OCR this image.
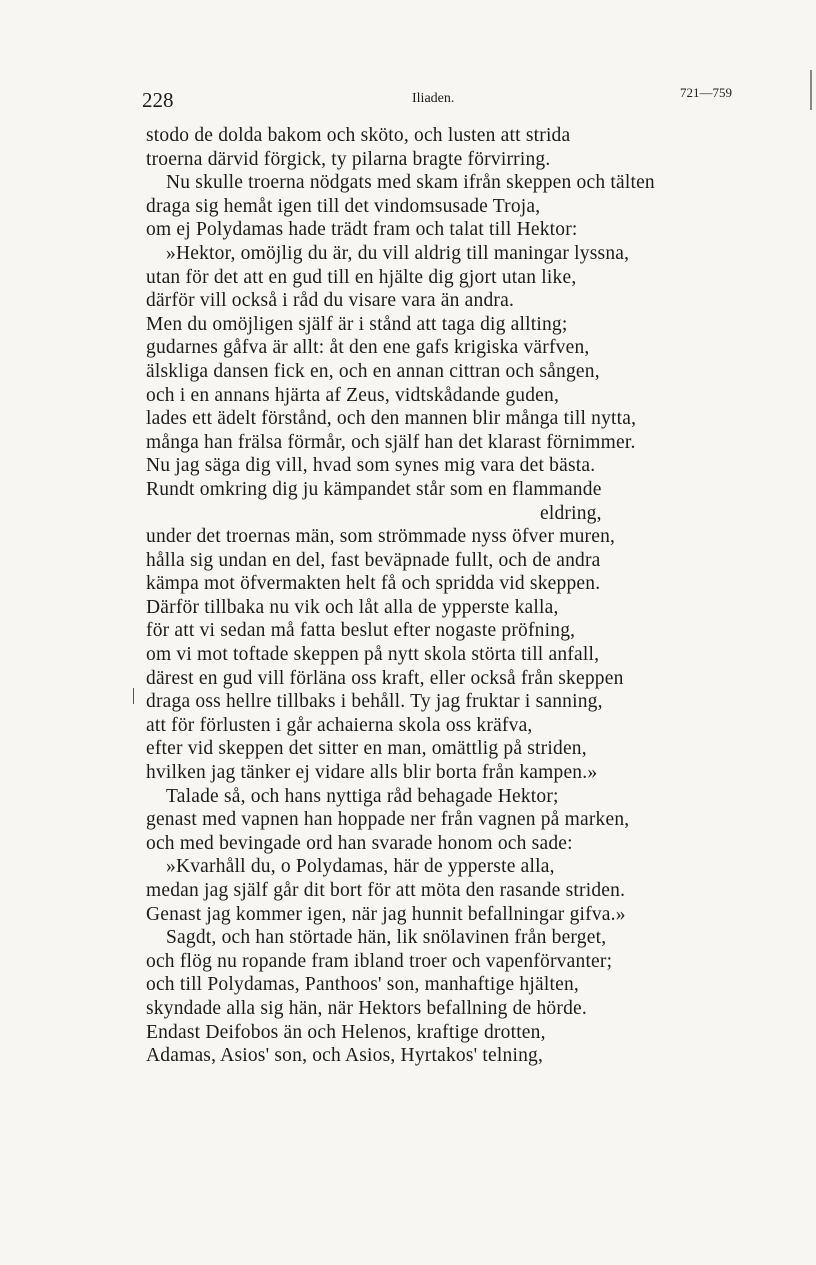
228	Iliaden.	721—759
stodo de dolda bakom och sköto, och lusten att strida
troerna därvid förgick, ty pilarna bragte förvirring.
Nu skulle troerna nödgats med skam ifrån skeppen och tälten
draga sig hemåt igen till det vindomsusade Troja,
om ej Polydamas hade trädt fram och talat till Hektor:
»Hektor, omöjlig du är, du vill aldrig till maningar lyssna,
utan för det att en gud till en hjälte dig gjort utan like,
därför vill också i råd du visare vara än andra.
Men du omöjligen själf är i stånd att taga dig allting;
gudarnes gåfva är allt: åt den ene gafs krigiska värfven,
älskliga dansen fick en, och en annan cittran och sången,
och i en annans hjärta af Zeus, vidtskådande guden,
lades ett ädelt förstånd, och den mannen blir många till nytta,
många han frälsa förmår, och själf han det klarast förnimmer.
Nu jag säga dig vill, hvad som synes mig vara det bästa.
Rundt omkring dig ju kämpandet står som en flammande
eldring,
under det troernas män, som strömmade nyss öfver muren,
hålla sig undan en del, fast beväpnade fullt, och de andra
kämpa mot öfvermakten helt få och spridda vid skeppen.
Därför tillbaka nu vik och låt alla de ypperste kalla,
för att vi sedan må fatta beslut efter nogaste pröfning,
om vi mot toftade skeppen på nytt skola störta till anfall,
därest en gud vill förläna oss kraft, eller också från skeppen
draga oss hellre tillbaks i behåll. Ty jag fruktar i sanning,
att för förlusten i går achaierna skola oss kräfva,
efter vid skeppen det sitter en man, omättlig på striden,
hvilken jag tänker ej vidare alls blir borta från kampen.»
Talade så, och hans nyttiga råd behagade Hektor;
genast med vapnen han hoppade ner från vagnen på marken,
och med bevingade ord han svarade honom och sade:
»Kvarhåll du, o Polydamas, här de ypperste alla,
medan jag själf går dit bort för att möta den rasande striden.
Genast jag kommer igen, när jag hunnit befallningar gifva.»
Sagdt, och han störtade hän, lik snölavinen från berget,
och flög nu ropande fram ibland troer och vapenförvanter;
och till Polydamas, Panthoos' son, manhaftige hjälten,
skyndade alla sig hän, när Hektors befallning de hörde.
Endast Deifobos än och Helenos, kraftige drotten,
Adamas, Asios' son, och Asios, Hyrtakos' telning,
